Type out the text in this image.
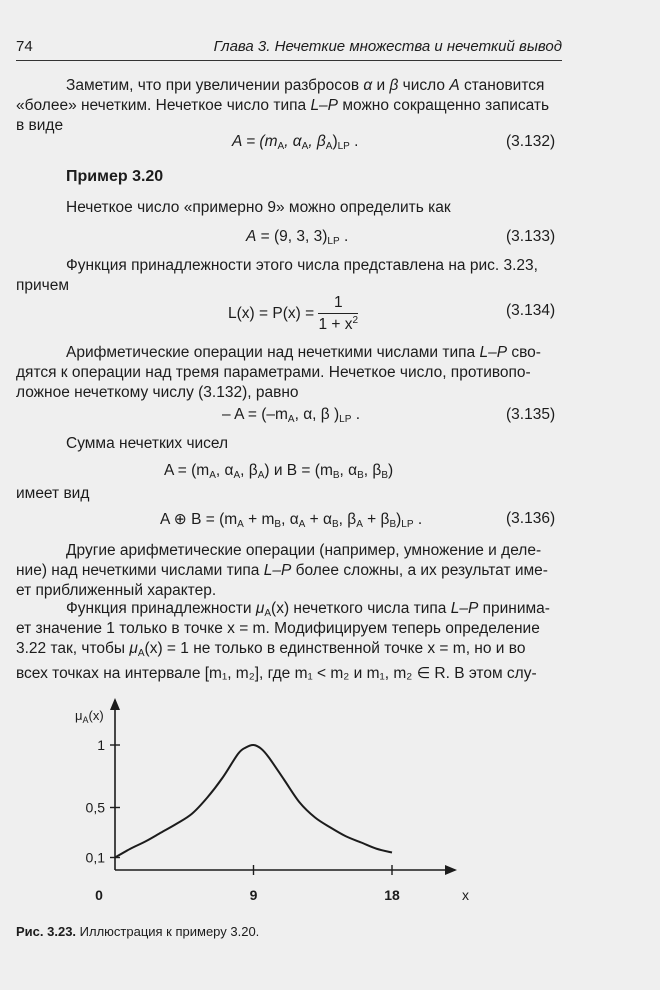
74	Глава 3. Нечеткие множества и нечеткий вывод
Заметим, что при увеличении разбросов α и β число A становится
«более» нечетким. Нечеткое число типа L–P можно сокращенно записать
в виде
$A = (m_A$, $\alpha_A$, $\beta_A)_{LP}$ .	(3.132)
Пример 3.20
Нечеткое число «примерно 9» можно определить как
A = (9, 3, $3)_{LP}$ .	(3.133)
Функция принадлежности этого числа представлена на рис. 3.23,
причем
$L(x) = P(x) = \frac{1}{1 + x^2}$	(3.134)
Арифметические операции над нечеткими числами типа L–P сво-
дятся к операции над тремя параметрами. Нечеткое число, противопо-
ложное нечеткому числу (3.132), равно
– $A = (-m_A$, α, β )$_{LP}$ .	(3.135)
Сумма нечетких чисел
$A = (m_A$, $\alpha_A$, $\beta_A$) и $B = (m_B$, $\alpha_B$, $\beta_B$)
имеет вид
A ⊕ $B = (m_A + m_B$, $\alpha_A + \alpha_B$, $\beta_A + \beta_B)_{LP}$ .	(3.136)
Другие арифметические операции (например, умножение и деле-
ние) над нечеткими числами типа L–P более сложны, а их результат име-
ет приближенный характер.
Функция принадлежности $\mu_A(x)$ нечеткого числа типа L–P принима-
ет значение 1 только в точке x = m. Модифицируем теперь определение
3.22 так, чтобы $\mu_A(x) = 1$ не только в единственной точке x = m, но и во
всех точках на интервале [m₁, m₂], где m₁ < m₂ и m₁, m₂ ∈ R. В этом слу-
0,1
0,5
1
0	9	18
$\mu_A(x)$
x
Рис. 3.23. Иллюстрация к примеру 3.20.
